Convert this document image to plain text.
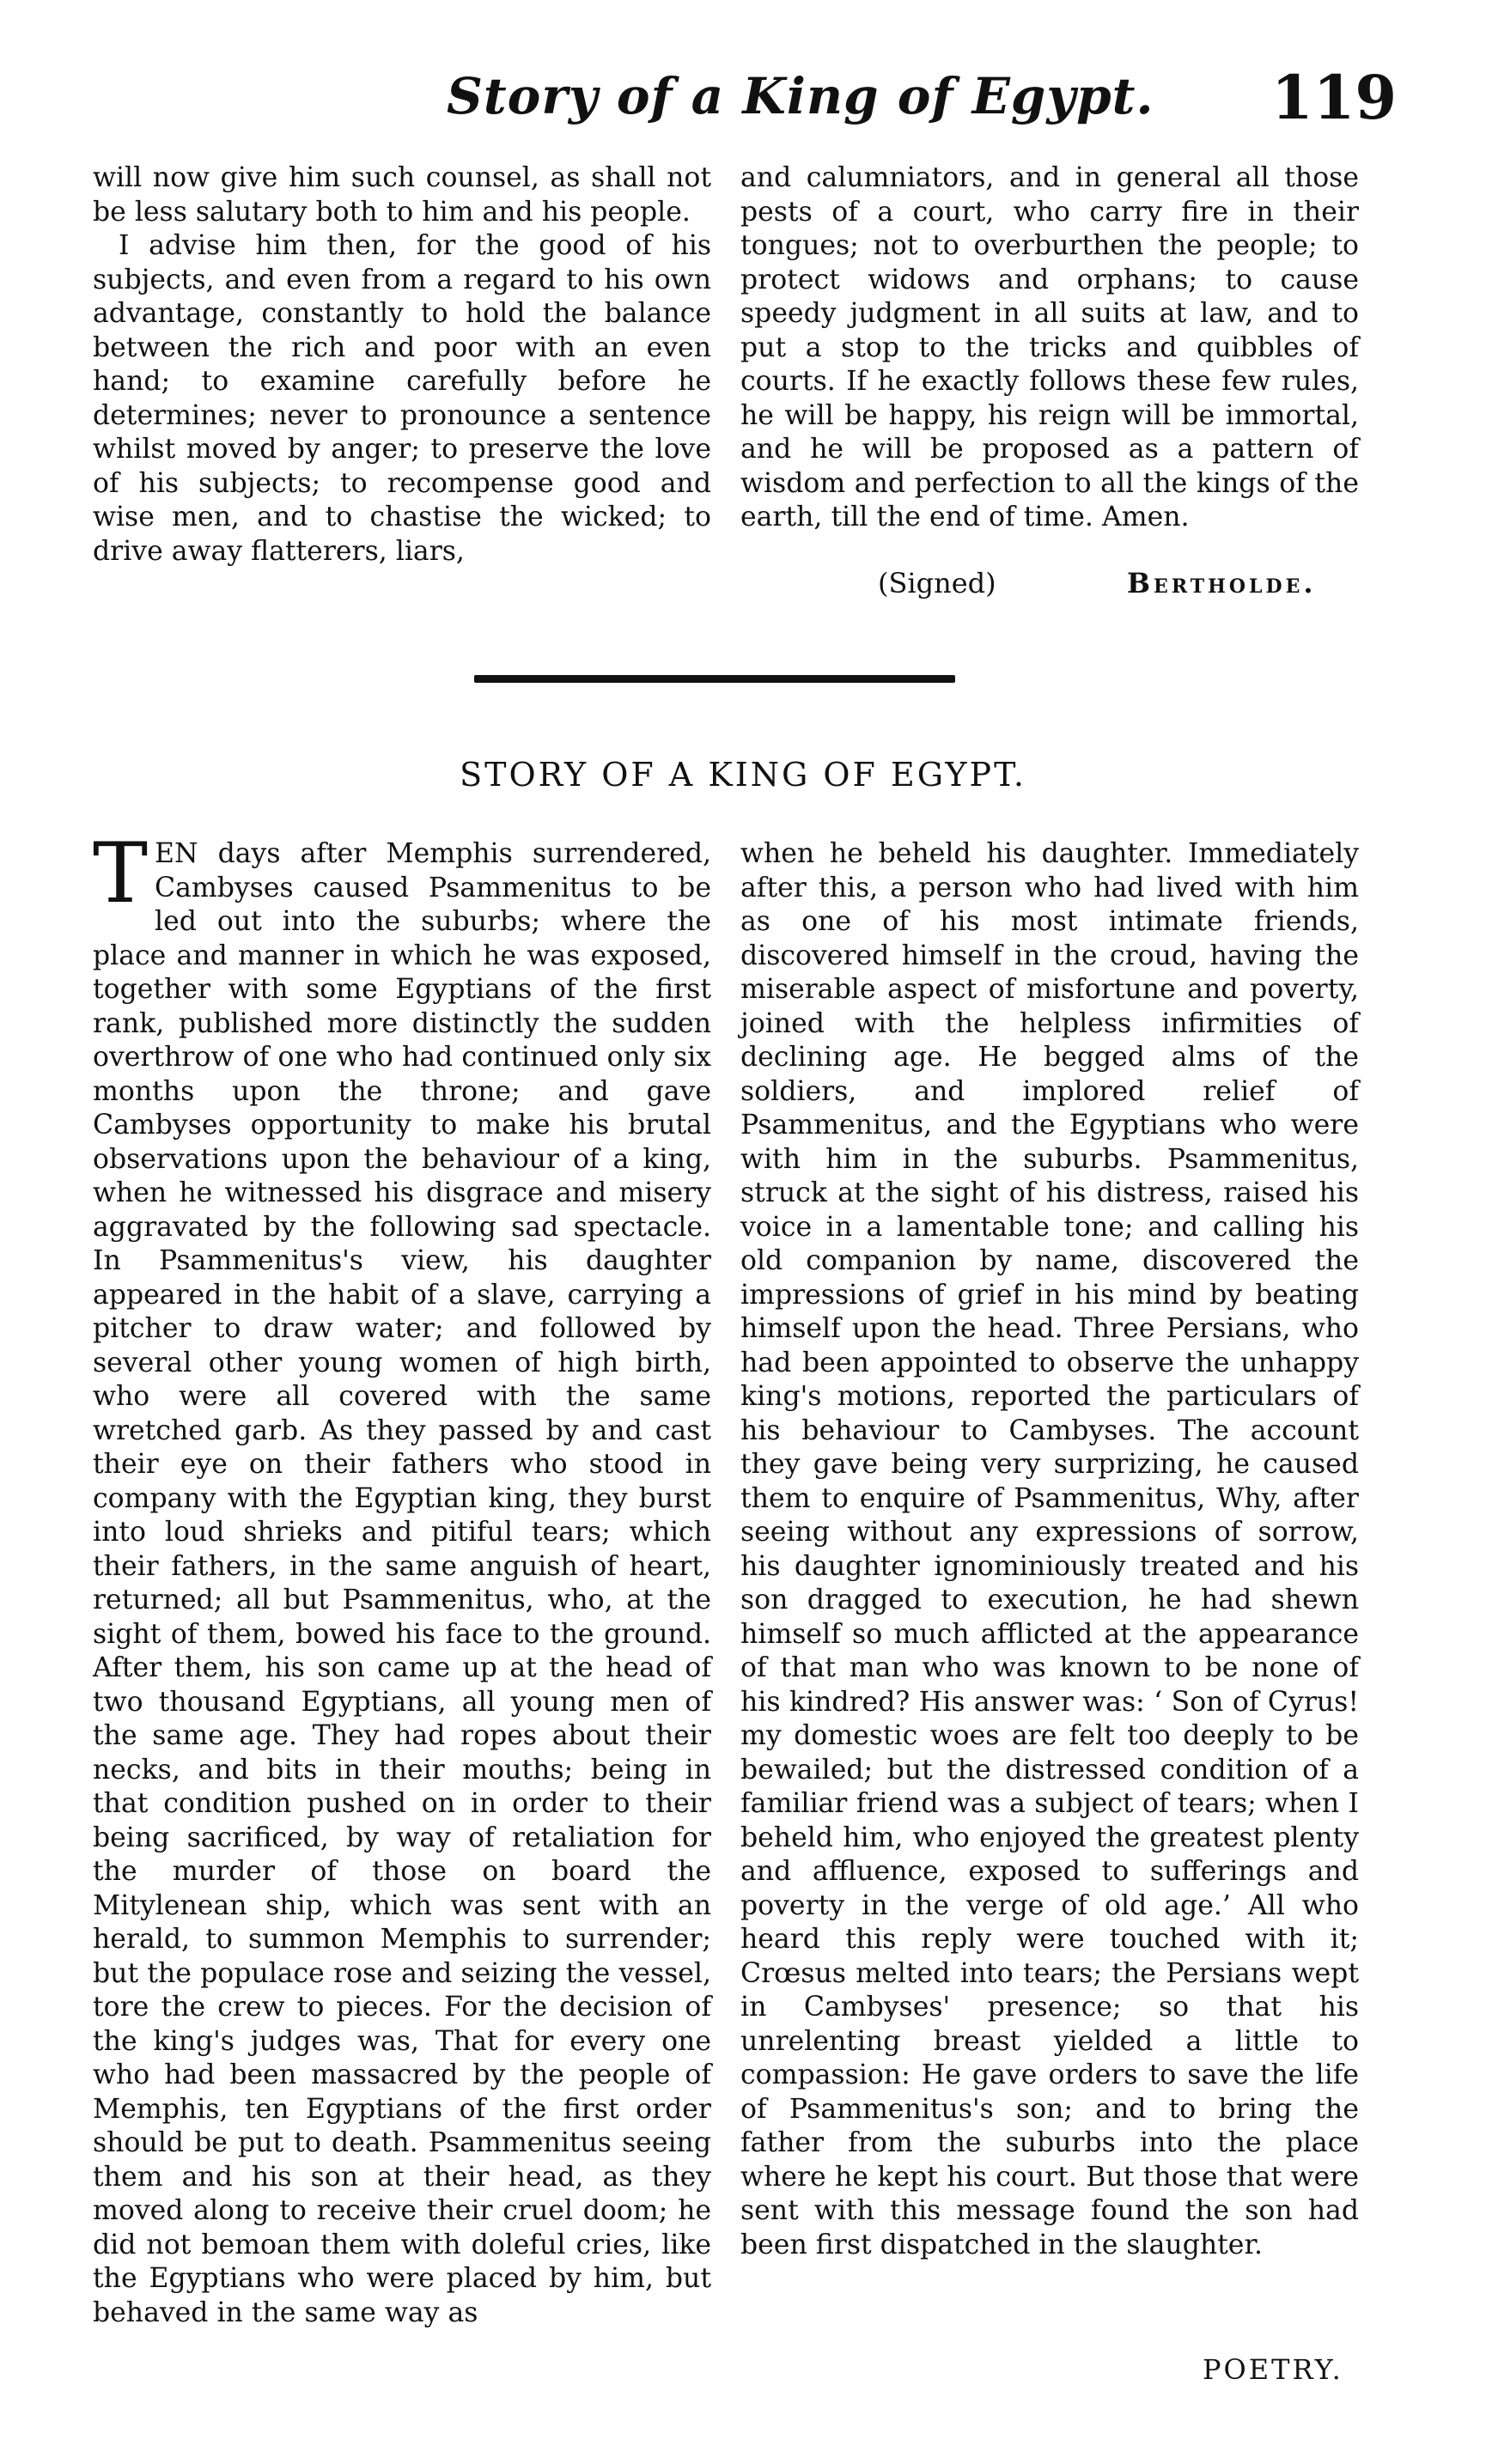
Story of a King of Egypt. 119

will now give him such counsel, as shall not be less salutary both to him and his people.

I advise him then, for the good of his subjects, and even from a regard to his own advantage, constantly to hold the balance between the rich and poor with an even hand; to examine carefully before he determines; never to pronounce a sentence whilst moved by anger; to preserve the love of his subjects; to recompense good and wise men, and to chastise the wicked; to drive away flatterers, liars,

and calumniators, and in general all those pests of a court, who carry fire in their tongues; not to overburthen the people; to protect widows and orphans; to cause speedy judgment in all suits at law, and to put a stop to the tricks and quibbles of courts. If he exactly follows these few rules, he will be happy, his reign will be immortal, and he will be proposed as a pattern of wisdom and perfection to all the kings of the earth, till the end of time. Amen.

(Signed)	Bertholde.
STORY OF A KING OF EGYPT.

TEN days after Memphis surrendered, Cambyses caused Psammenitus to be led out into the suburbs; where the place and manner in which he was exposed, together with some Egyptians of the first rank, published more distinctly the sudden overthrow of one who had continued only six months upon the throne; and gave Cambyses opportunity to make his brutal observations upon the behaviour of a king, when he witnessed his disgrace and misery aggravated by the following sad spectacle. In Psammenitus's view, his daughter appeared in the habit of a slave, carrying a pitcher to draw water; and followed by several other young women of high birth, who were all covered with the same wretched garb. As they passed by and cast their eye on their fathers who stood in company with the Egyptian king, they burst into loud shrieks and pitiful tears; which their fathers, in the same anguish of heart, returned; all but Psammenitus, who, at the sight of them, bowed his face to the ground. After them, his son came up at the head of two thousand Egyptians, all young men of the same age. They had ropes about their necks, and bits in their mouths; being in that condition pushed on in order to their being sacrificed, by way of retaliation for the murder of those on board the Mitylenean ship, which was sent with an herald, to summon Memphis to surrender; but the populace rose and seizing the vessel, tore the crew to pieces. For the decision of the king's judges was, That for every one who had been massacred by the people of Memphis, ten Egyptians of the first order should be put to death. Psammenitus seeing them and his son at their head, as they moved along to receive their cruel doom; he did not bemoan them with doleful cries, like the Egyptians who were placed by him, but behaved in the same way as

when he beheld his daughter. Immediately after this, a person who had lived with him as one of his most intimate friends, discovered himself in the croud, having the miserable aspect of misfortune and poverty, joined with the helpless infirmities of declining age. He begged alms of the soldiers, and implored relief of Psammenitus, and the Egyptians who were with him in the suburbs. Psammenitus, struck at the sight of his distress, raised his voice in a lamentable tone; and calling his old companion by name, discovered the impressions of grief in his mind by beating himself upon the head. Three Persians, who had been appointed to observe the unhappy king's motions, reported the particulars of his behaviour to Cambyses. The account they gave being very surprizing, he caused them to enquire of Psammenitus, Why, after seeing without any expressions of sorrow, his daughter ignominiously treated and his son dragged to execution, he had shewn himself so much afflicted at the appearance of that man who was known to be none of his kindred? His answer was: ‘ Son of Cyrus! my domestic woes are felt too deeply to be bewailed; but the distressed condition of a familiar friend was a subject of tears; when I beheld him, who enjoyed the greatest plenty and affluence, exposed to sufferings and poverty in the verge of old age.’ All who heard this reply were touched with it; Crœsus melted into tears; the Persians wept in Cambyses' presence; so that his unrelenting breast yielded a little to compassion: He gave orders to save the life of Psammenitus's son; and to bring the father from the suburbs into the place where he kept his court. But those that were sent with this message found the son had been first dispatched in the slaughter.

POETRY.
